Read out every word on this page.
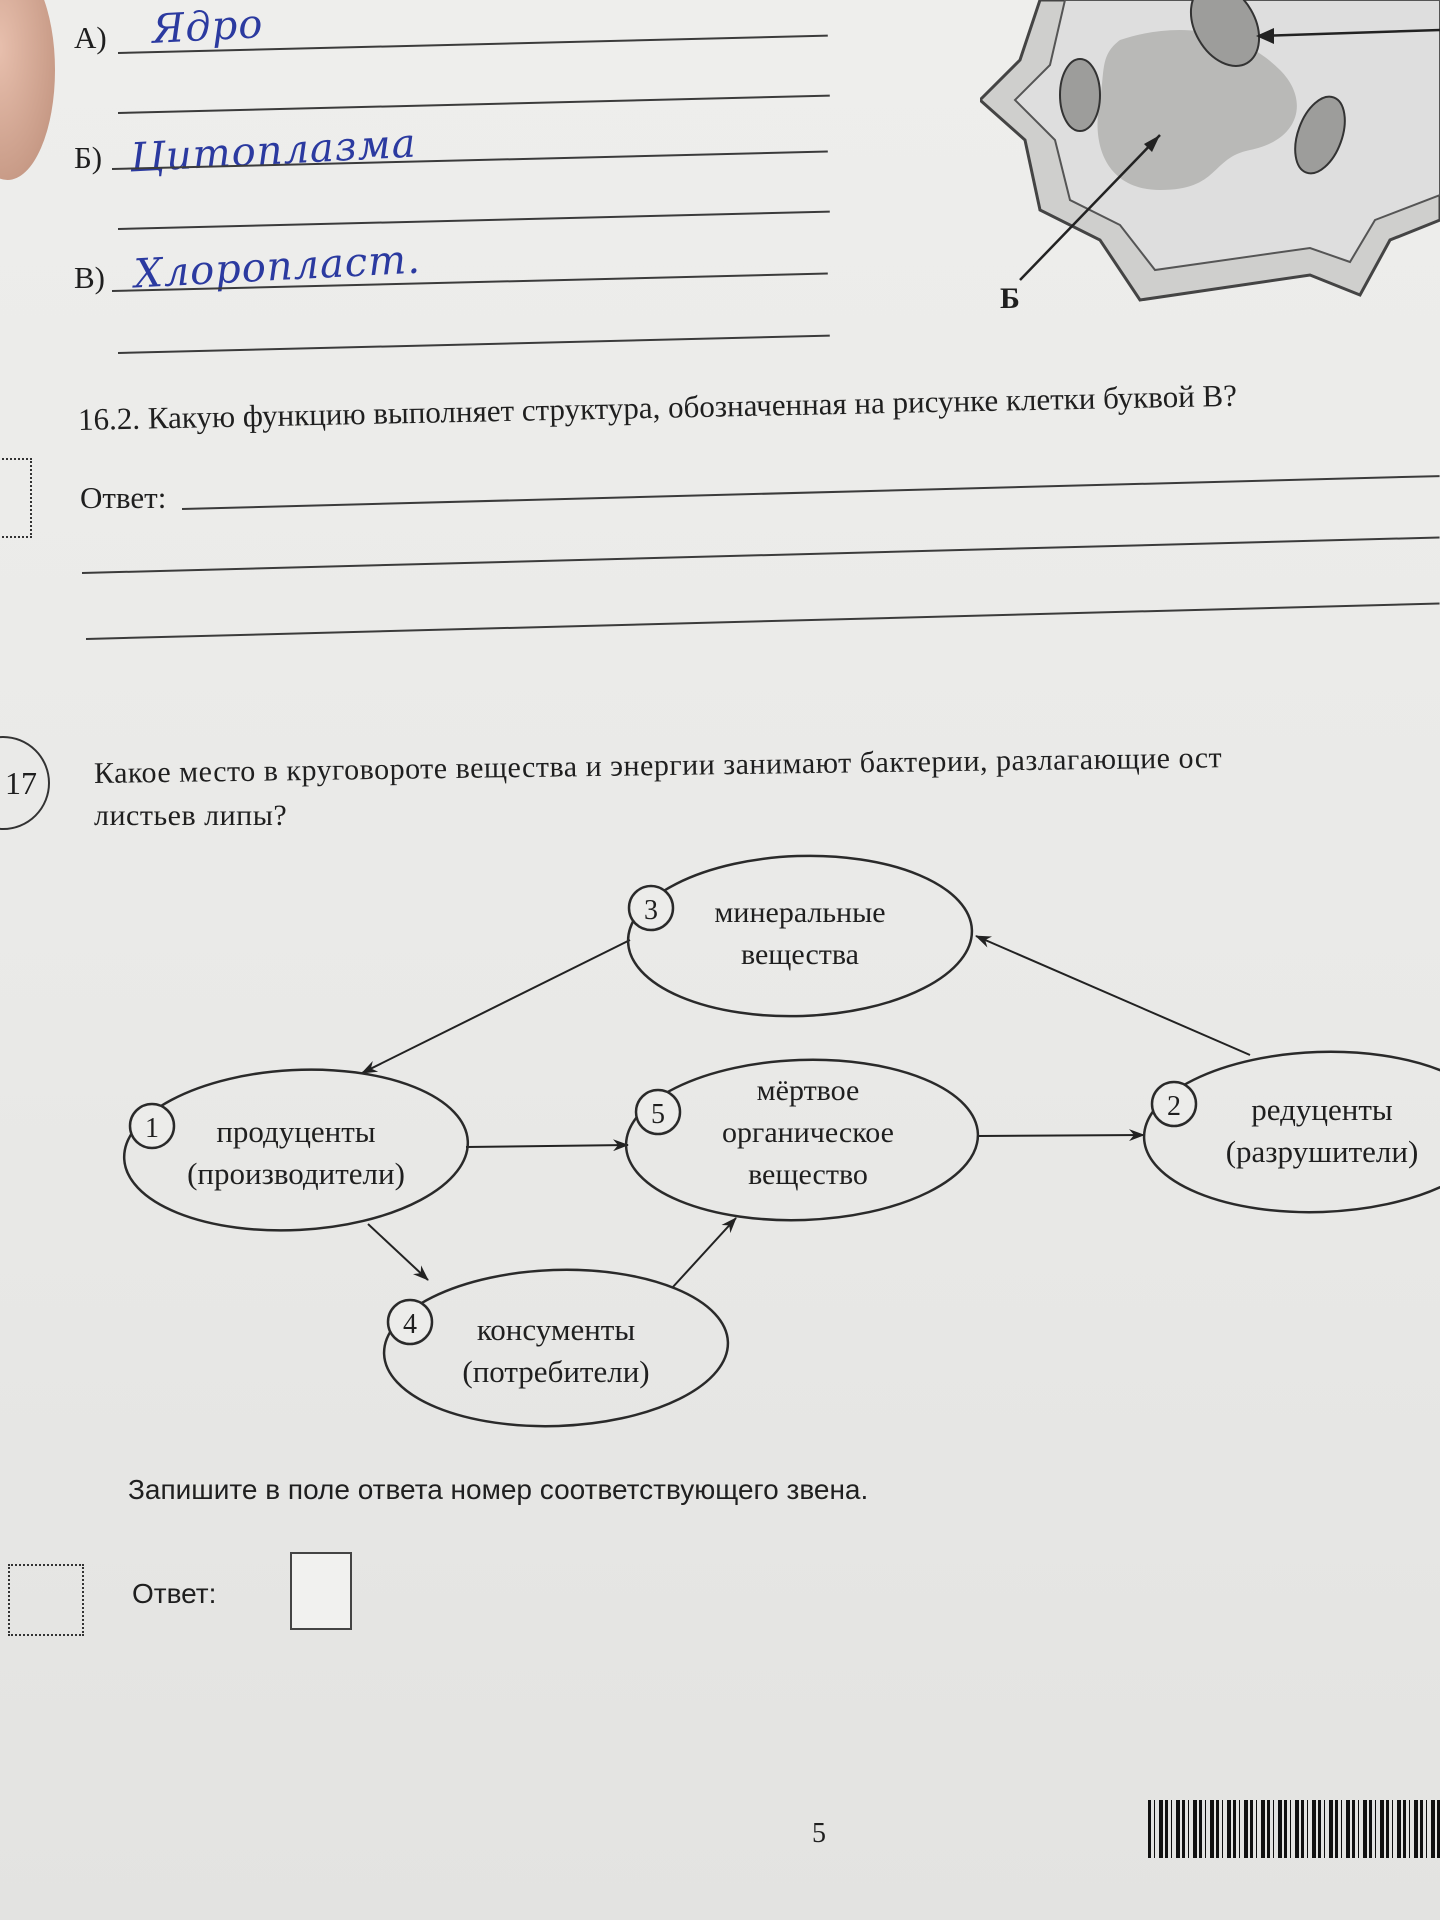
А) Ядро
Б) Цитоплазма
В) Хлоропласт.
Б
16.2. Какую функцию выполняет структура, обозначенная на рисунке клетки буквой В?
Ответ:
17 Какое место в круговороте вещества и энергии занимают бактерии, разлагающие ост
листьев липы?
3 минеральные
вещества
1 продуценты
(производители)
5
мёртвое
органическое
вещество
2 редуценты
(разрушители)
4 консументы
(потребители)
Запишите в поле ответа номер соответствующего звена.
Ответ:
5
